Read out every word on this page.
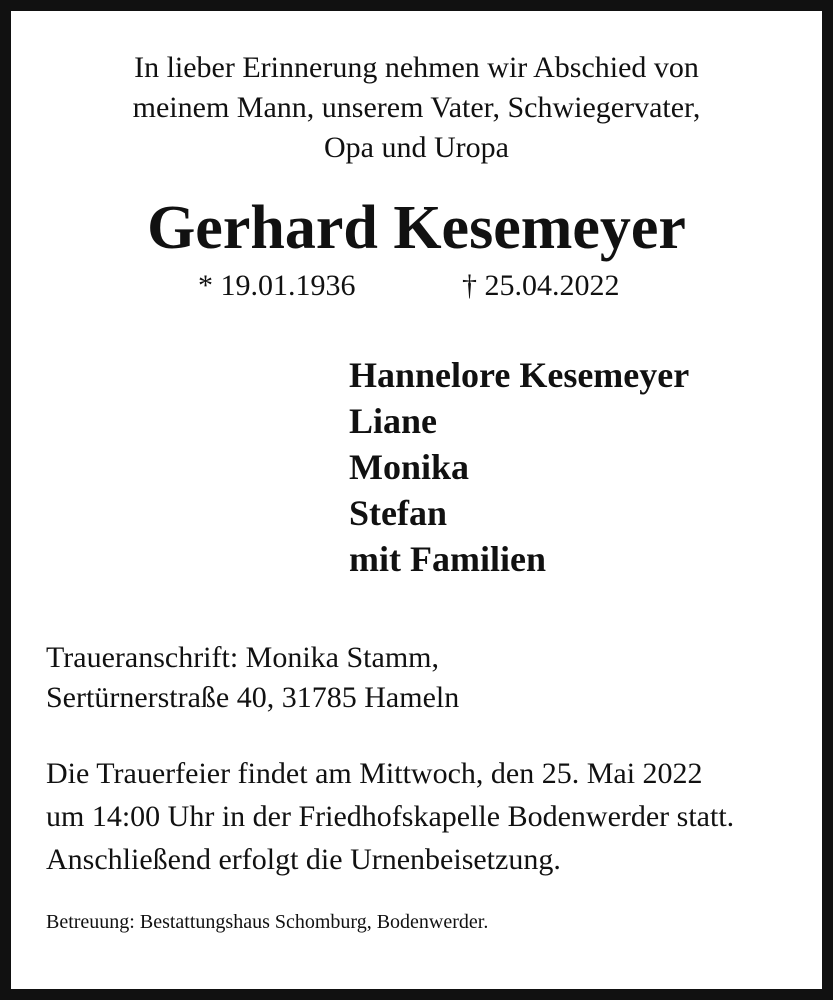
In lieber Erinnerung nehmen wir Abschied von
meinem Mann, unserem Vater, Schwiegervater,
Opa und Uropa
Gerhard Kesemeyer
* 19.01.1936	† 25.04.2022
Hannelore Kesemeyer
Liane
Monika
Stefan
mit Familien
Traueranschrift: Monika Stamm,
Sertürnerstraße 40, 31785 Hameln
Die Trauerfeier findet am Mittwoch, den 25. Mai 2022
um 14:00 Uhr in der Friedhofskapelle Bodenwerder statt.
Anschließend erfolgt die Urnenbeisetzung.
Betreuung: Bestattungshaus Schomburg, Bodenwerder.
